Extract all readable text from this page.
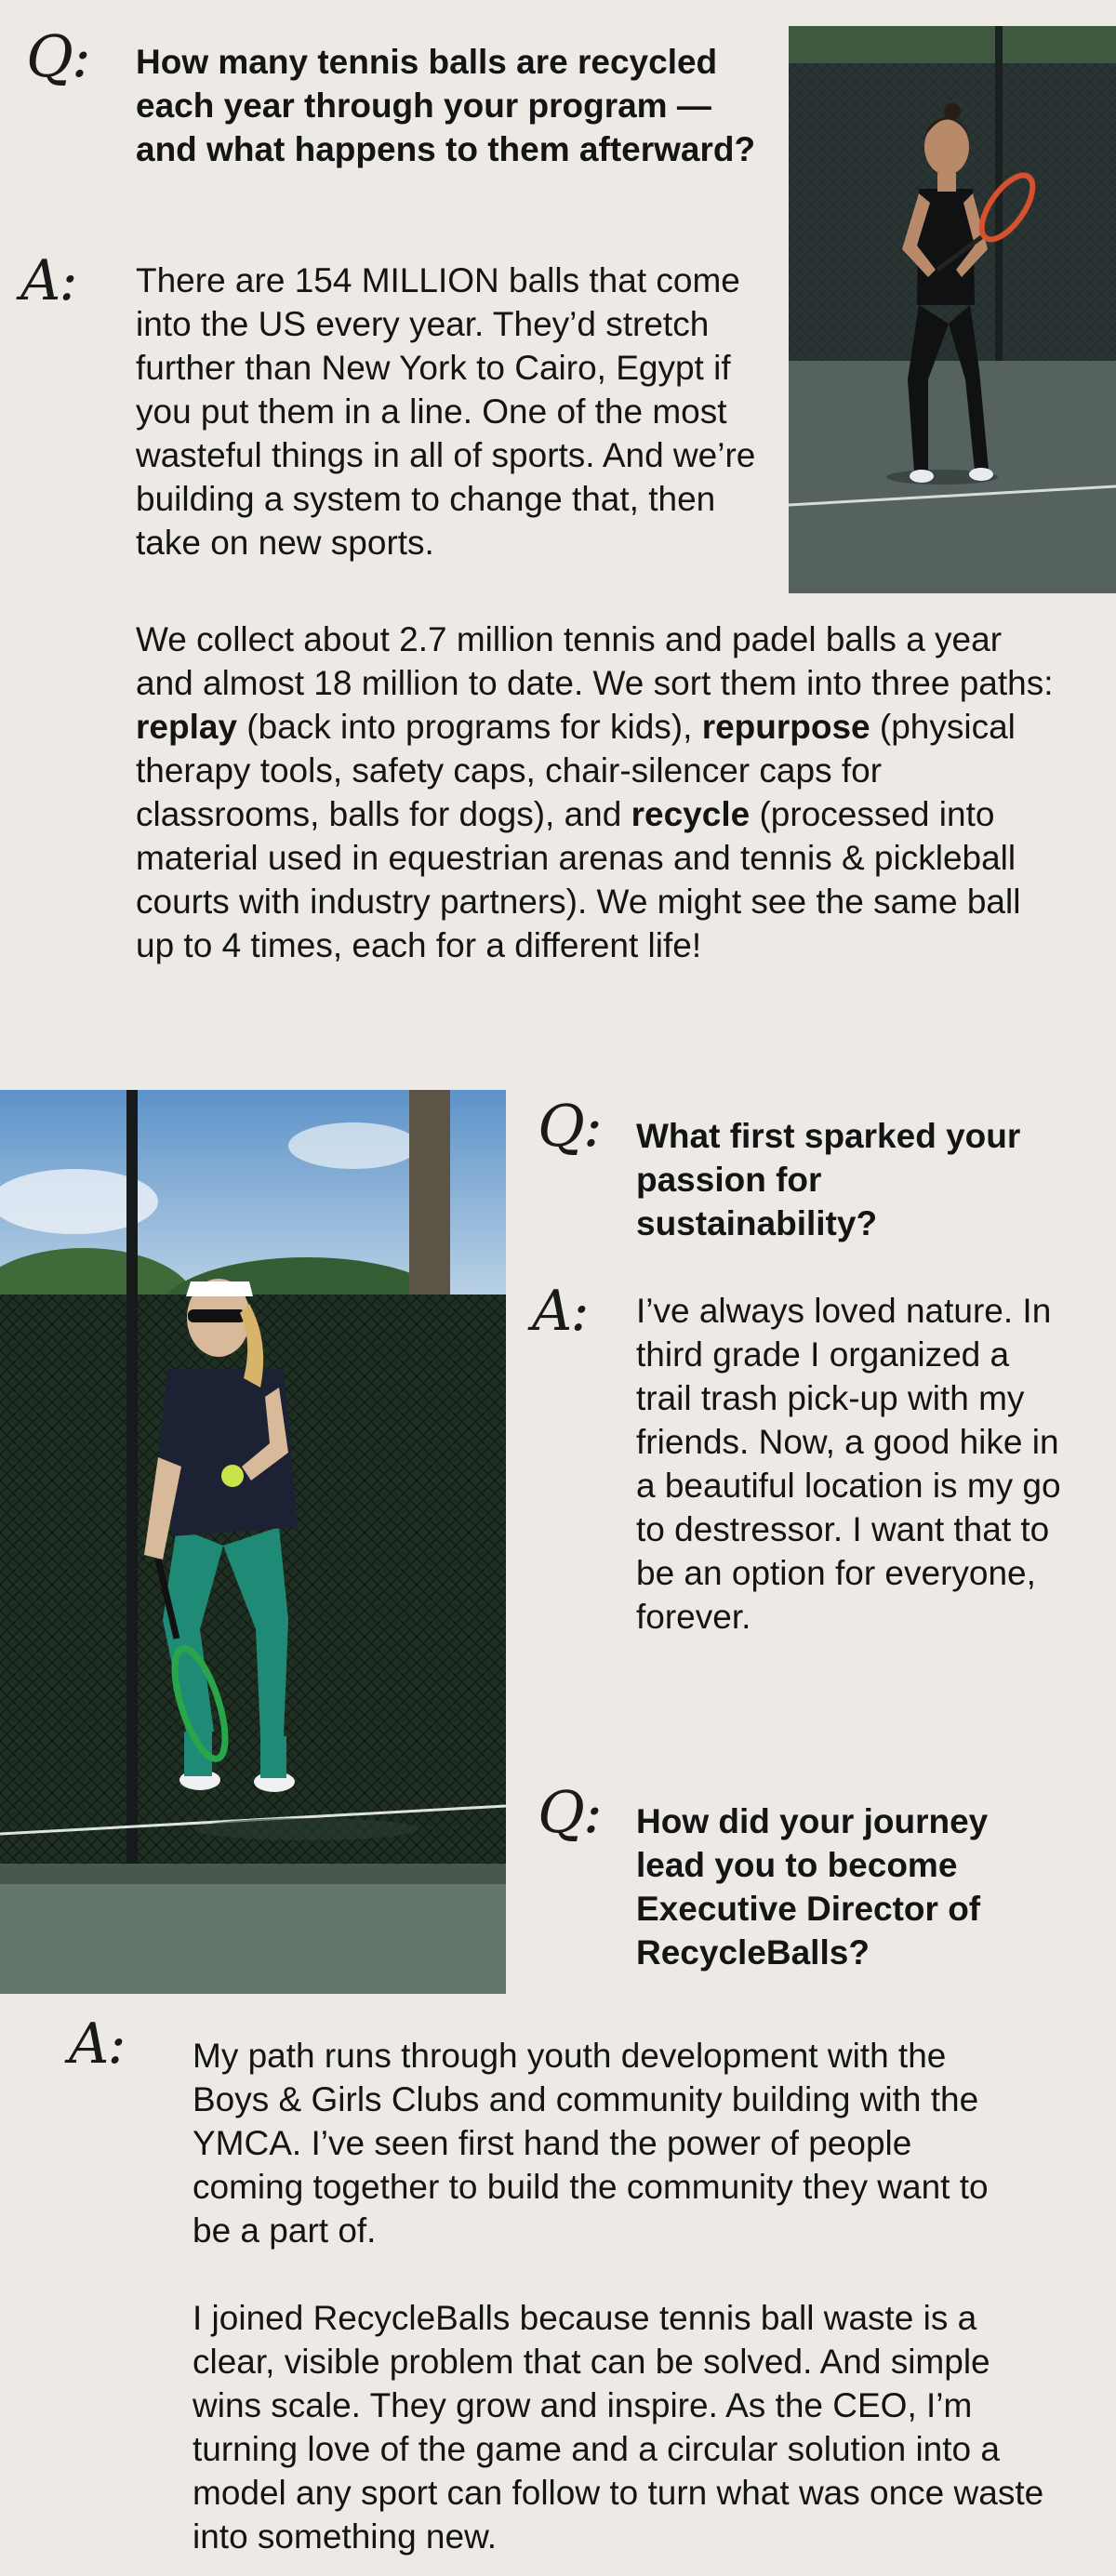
Q: How many tennis balls are recycled each year through your program — and what happens to them afterward?

A: There are 154 MILLION balls that come into the US every year. They’d stretch further than New York to Cairo, Egypt if you put them in a line. One of the most wasteful things in all of sports. And we’re building a system to change that, then take on new sports.

We collect about 2.7 million tennis and padel balls a year and almost 18 million to date. We sort them into three paths: replay (back into programs for kids), repurpose (physical therapy tools, safety caps, chair-silencer caps for classrooms, balls for dogs), and recycle (processed into material used in equestrian arenas and tennis & pickleball courts with industry partners). We might see the same ball up to 4 times, each for a different life!

Q: What first sparked your passion for sustainability?

A: I’ve always loved nature. In third grade I organized a trail trash pick-up with my friends. Now, a good hike in a beautiful location is my go to destressor. I want that to be an option for everyone, forever.

Q: How did your journey lead you to become Executive Director of RecycleBalls?

A: My path runs through youth development with the Boys & Girls Clubs and community building with the YMCA. I’ve seen first hand the power of people coming together to build the community they want to be a part of.

I joined RecycleBalls because tennis ball waste is a clear, visible problem that can be solved. And simple wins scale. They grow and inspire. As the CEO, I’m turning love of the game and a circular solution into a model any sport can follow to turn what was once waste into something new.
